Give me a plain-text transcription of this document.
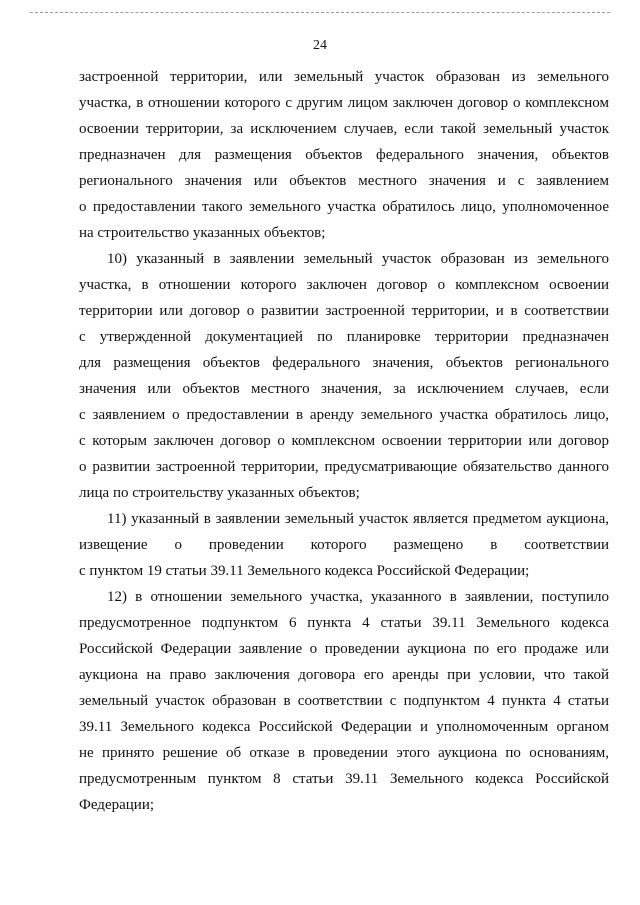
24
застроенной территории, или земельный участок образован из земельного
участка, в отношении которого с другим лицом заключен договор о комплексном
освоении территории, за исключением случаев, если такой земельный участок
предназначен для размещения объектов федерального значения, объектов
регионального значения или объектов местного значения и с заявлением
о предоставлении такого земельного участка обратилось лицо, уполномоченное
на строительство указанных объектов;
10) указанный в заявлении земельный участок образован из земельного
участка, в отношении которого заключен договор о комплексном освоении
территории или договор о развитии застроенной территории, и в соответствии
с утвержденной документацией по планировке территории предназначен
для размещения объектов федерального значения, объектов регионального
значения или объектов местного значения, за исключением случаев, если
с заявлением о предоставлении в аренду земельного участка обратилось лицо,
с которым заключен договор о комплексном освоении территории или договор
о развитии застроенной территории, предусматривающие обязательство данного
лица по строительству указанных объектов;
11) указанный в заявлении земельный участок является предметом аукциона,
извещение о проведении которого размещено в соответствии
с пунктом 19 статьи 39.11 Земельного кодекса Российской Федерации;
12) в отношении земельного участка, указанного в заявлении, поступило
предусмотренное подпунктом 6 пункта 4 статьи 39.11 Земельного кодекса
Российской Федерации заявление о проведении аукциона по его продаже или
аукциона на право заключения договора его аренды при условии, что такой
земельный участок образован в соответствии с подпунктом 4 пункта 4 статьи
39.11 Земельного кодекса Российской Федерации и уполномоченным органом
не принято решение об отказе в проведении этого аукциона по основаниям,
предусмотренным пунктом 8 статьи 39.11 Земельного кодекса Российской
Федерации;
